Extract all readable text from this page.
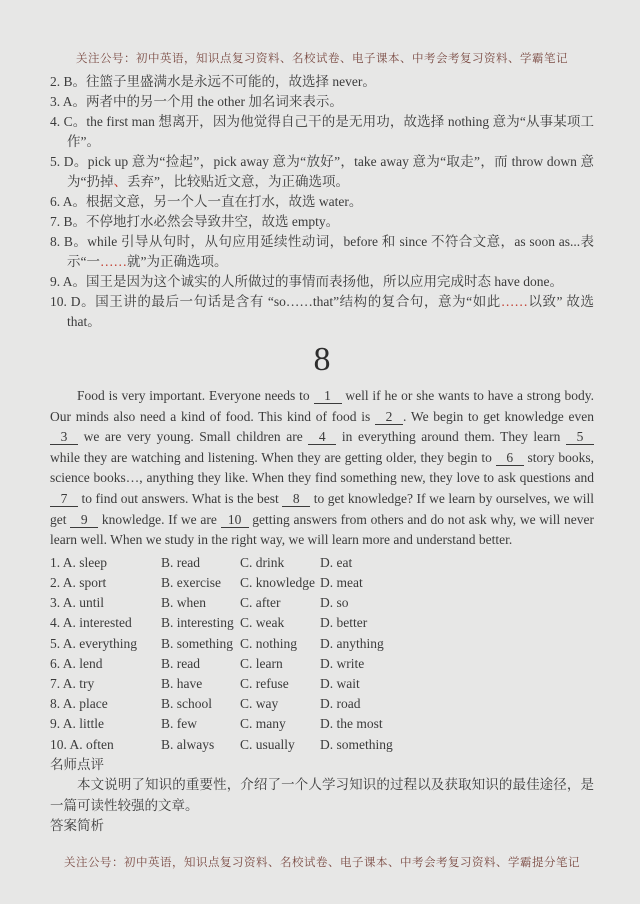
关注公号：初中英语，知识点复习资料、名校试卷、电子课本、中考会考复习资料、学霸笔记
2. B。往篮子里盛满水是永远不可能的，故选择 never。
3. A。两者中的另一个用 the other 加名词来表示。
4. C。the first man 想离开，因为他觉得自己干的是无用功，故选择 nothing 意为“从事某项工作”。
5. D。pick up 意为“捡起”，pick away 意为“放好”，take away 意为“取走”，而 throw down 意为“扔掉、丢弃”，比较贴近文意，为正确选项。
6. A。根据文意，另一个人一直在打水，故选 water。
7. B。不停地打水必然会导致井空，故选 empty。
8. B。while 引导从句时，从句应用延续性动词，before 和 since 不符合文意，as soon as...表示“一……就”为正确选项。
9. A。国王是因为这个诚实的人所做过的事情而表扬他，所以应用完成时态 have done。
10. D。国王讲的最后一句话是含有 “so……that”结构的复合句，意为“如此……以致” 故选 that。
8
Food is very important. Everyone needs to 1 well if he or she wants to have a strong body. Our minds also need a kind of food. This kind of food is 2 . We begin to get knowledge even 3 we are very young. Small children are 4 in everything around them. They learn 5 while they are watching and listening. When they are getting older, they begin to 6 story books, science books…, anything they like. When they find something new, they love to ask questions and 7 to find out answers. What is the best 8 to get knowledge? If we learn by ourselves, we will get 9 knowledge. If we are 10 getting answers from others and do not ask why, we will never learn well. When we study in the right way, we will learn more and understand better.
1. A. sleep	B. read	C. drink	D. eat
2. A. sport	B. exercise	C. knowledge D. meat
3. A. until	B. when	C. after	D. so
4. A. interested	B. interesting C. weak	D. better
5. A. everything	B. something C. nothing	D. anything
6. A. lend	B. read	C. learn	D. write
7. A. try	B. have	C. refuse	D. wait
8. A. place	B. school	C. way	D. road
9. A. little	B. few	C. many	D. the most
10. A. often	B. always	C. usually	D. something
名师点评
本文说明了知识的重要性，介绍了一个人学习知识的过程以及获取知识的最佳途径，是一篇可读性较强的文章。
答案简析
关注公号：初中英语，知识点复习资料、名校试卷、电子课本、中考会考复习资料、学霸提分笔记
